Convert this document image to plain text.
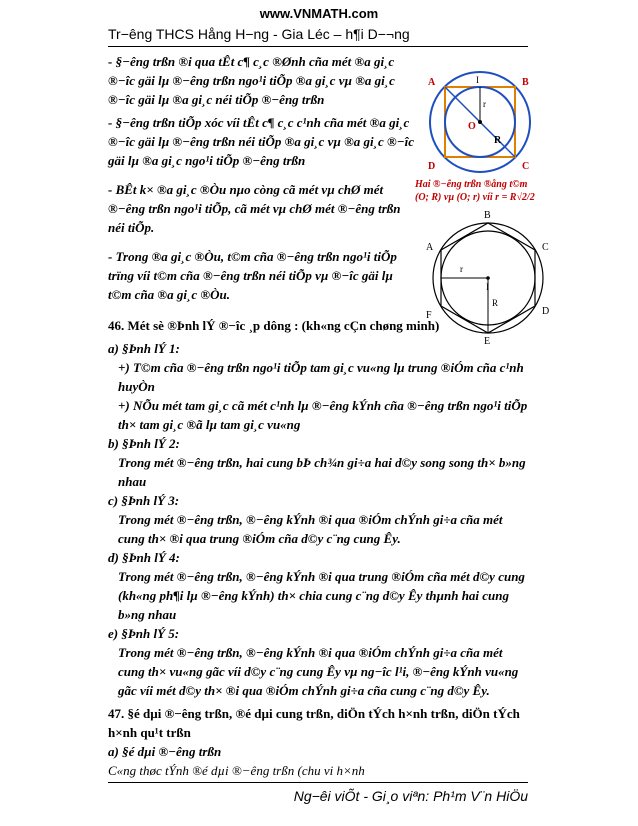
www.VNMATH.com
Tr−êng THCS Hång H−ng - Gia Léc – h¶i D−¬ng
A	B
C
D
I
O
R
r
Hai ®−êng trßn ®ång t©m (O; R) vµ (O; r) víi r = R√2/2
A
B
C
D
E
F
r
R
I

- §−êng trßn ®i qua tÊt c¶ c¸c ®Ønh cña mét ®a gi¸c ®−îc gäi lµ ®−êng trßn ngo¹i tiÕp ®a gi¸c vµ ®a gi¸c ®−îc gäi lµ ®a gi¸c néi tiÕp ®−êng trßn

- §−êng trßn tiÕp xóc víi tÊt c¶ c¸c c¹nh cña mét ®a gi¸c ®−îc gäi lµ ®−êng trßn néi tiÕp ®a gi¸c vµ ®a gi¸c ®−îc gäi lµ ®a gi¸c ngo¹i tiÕp ®−êng trßn

- BÊt k× ®a gi¸c ®Òu nµo còng cã mét vµ chØ mét ®−êng trßn ngo¹i tiÕp, cã mét vµ chØ mét ®−êng trßn néi tiÕp.

- Trong ®a gi¸c ®Òu, t©m cña ®−êng trßn ngo¹i tiÕp trïng víi t©m cña ®−êng trßn néi tiÕp vµ ®−îc gäi lµ t©m cña ®a gi¸c ®Òu.

46. Mét sè ®Þnh lÝ ®−îc ¸p dông : (kh«ng cÇn chøng minh)

a) §Þnh lÝ 1:

+) T©m cña ®−êng trßn ngo¹i tiÕp tam gi¸c vu«ng lµ trung ®iÓm cña c¹nh huyÒn

+) NÕu mét tam gi¸c cã mét c¹nh lµ ®−êng kÝnh cña ®−êng trßn ngo¹i tiÕp th× tam gi¸c ®ã lµ tam gi¸c vu«ng

b) §Þnh lÝ 2:

Trong mét ®−êng trßn, hai cung bÞ ch¾n gi÷a hai d©y song song th× b»ng nhau

c) §Þnh lÝ 3:

Trong mét ®−êng trßn, ®−êng kÝnh ®i qua ®iÓm chÝnh gi÷a cña mét cung th× ®i qua trung ®iÓm cña d©y c¨ng cung Êy.

d) §Þnh lÝ 4:

Trong mét ®−êng trßn, ®−êng kÝnh ®i qua trung ®iÓm cña mét d©y cung (kh«ng ph¶i lµ ®−êng kÝnh) th× chia cung c¨ng d©y Êy thµnh hai cung b»ng nhau

e) §Þnh lÝ 5:

Trong mét ®−êng trßn, ®−êng kÝnh ®i qua ®iÓm chÝnh gi÷a cña mét cung th× vu«ng gãc víi d©y c¨ng cung Êy vµ ng−îc l¹i, ®−êng kÝnh vu«ng gãc víi mét d©y th× ®i qua ®iÓm chÝnh gi÷a cña cung c¨ng d©y Êy.

47. §é dµi ®−êng trßn, ®é dµi cung trßn, diÖn tÝch h×nh trßn, diÖn tÝch h×nh qu¹t trßn

a) §é dµi ®−êng trßn

C«ng thøc tÝnh ®é dµi ®−êng trßn (chu vi h×nh

Ng−êi viÕt - Gi¸o viªn: Ph¹m V¨n HiÖu
